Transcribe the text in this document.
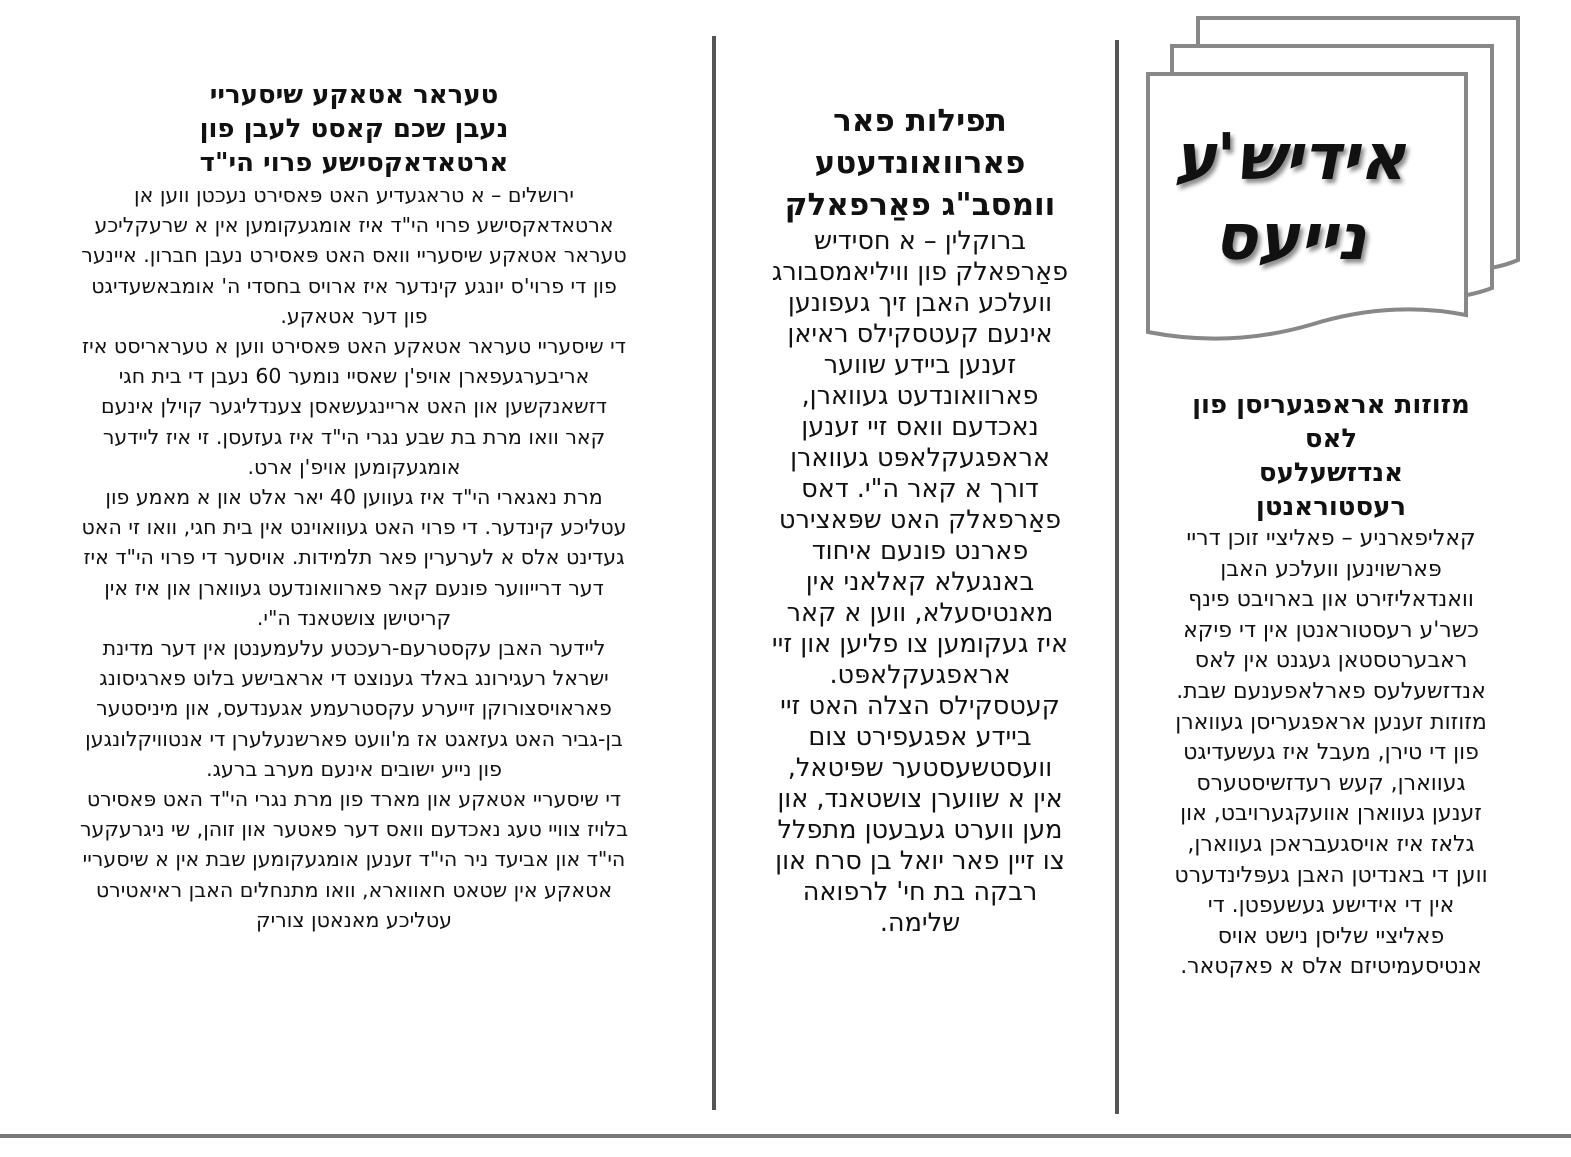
אידיש'ע
נייעס
טעראר אטאקע שיסעריי
נעבן שכם קאסט לעבן פון
ארטאדאקסישע פרוי הי"ד

ירושלים – א טראגעדיע האט פּאסירט נעכטן ווען אן ארטאדאקסישע פרוי הי"ד איז אומגעקומען אין א שרעקליכע טעראר אטאקע שיסעריי וואס האט פּאסירט נעבן חברון. איינער פון די פרוי'ס יונגע קינדער איז ארויס בחסדי ה' אומבאשעדיגט פון דער אטאקע.

די שיסעריי טעראר אטאקע האט פּאסירט ווען א טעראריסט איז אריבערגעפארן אויפ'ן שאסיי נומער 60 נעבן די בית חגי דזשאנקשען און האט אריינגעשאסן צענדליגער קוילן אינעם קאר וואו מרת בת שבע נגרי הי"ד איז געזעסן. זי איז ליידער אומגעקומען אויפ'ן ארט.

מרת נאגארי הי"ד איז געווען 40 יאר אלט און א מאמע פון עטליכע קינדער. די פרוי האט געוואוינט אין בית חגי, וואו זי האט געדינט אלס א לערערין פאר תלמידות. אויסער די פרוי הי"ד איז דער דרייווער פונעם קאר פארוואונדעט געווארן און איז אין קריטישן צושטאנד ה"י.

ליידער האבן עקסטרעם-רעכטע עלעמענטן אין דער מדינת ישראל רעגירונג באלד גענוצט די אראבישע בלוט פארגיסונג פאראויסצורוקן זייערע עקסטרעמע אגענדעס, און מיניסטער בן-גביר האט געזאגט אז מ'וועט פארשנעלערן די אנטוויקלונגען פון נייע ישובים אינעם מערב ברעג.

די שיסעריי אטאקע און מארד פון מרת נגרי הי"ד האט פּאסירט בלויז צוויי טעג נאכדעם וואס דער פאטער און זוהן, שי ניגרעקער הי"ד און אביעד ניר הי"ד זענען אומגעקומען שבת אין א שיסעריי אטאקע אין שטאט חאווארא, וואו מתנחלים האבן ראיאטירט עטליכע מאנאטן צוריק

תפילות פאר
פארוואונדעטע
וומסב"ג פאַרפאלק

ברוקלין – א חסידיש פאַרפאלק פון וויליאמסבורג וועלכע האבן זיך געפונען אינעם קעטסקילס ראיאן זענען ביידע שווער פארוואונדעט געווארן, נאכדעם וואס זיי זענען אראפגעקלאפּט געווארן דורך א קאר ה"י. דאס פאַרפאלק האט שפּאצירט פארנט פונעם איחוד באנגעלא קאלאני אין מאנטיסעלא, ווען א קאר איז געקומען צו פליען און זיי אראפגעקלאפּט.

קעטסקילס הצלה האט זיי ביידע אפגעפירט צום וועסטשעסטער שפּיטאל, אין א שווערן צושטאנד, און מען ווערט געבעטן מתפלל צו זיין פאר יואל בן סרח און רבקה בת חי' לרפואה שלימה.

מזוזות אראפגעריסן פון
לאס
אנדזשעלעס
רעסטוראנטן

קאליפארניע – פאליציי זוכן דריי פּארשוינען וועלכע האבן וואנדאליזירט און בארויבט פינף כשר'ע רעסטוראנטן אין די פיקא ראבערטסטאן געגנט אין לאס אנדזשעלעס פארלאפענעם שבת. מזוזות זענען אראפגעריסן געווארן פון די טירן, מעבל איז געשעדיגט געווארן, קעש רעדזשיסטערס זענען געווארן אוועקגערויבט, און גלאז איז אויסגעבראכן געווארן, ווען די באנדיטן האבן געפּלינדערט אין די אידישע געשעפטן. די פאליציי שליסן נישט אויס אנטיסעמיטיזם אלס א פאקטאר.
